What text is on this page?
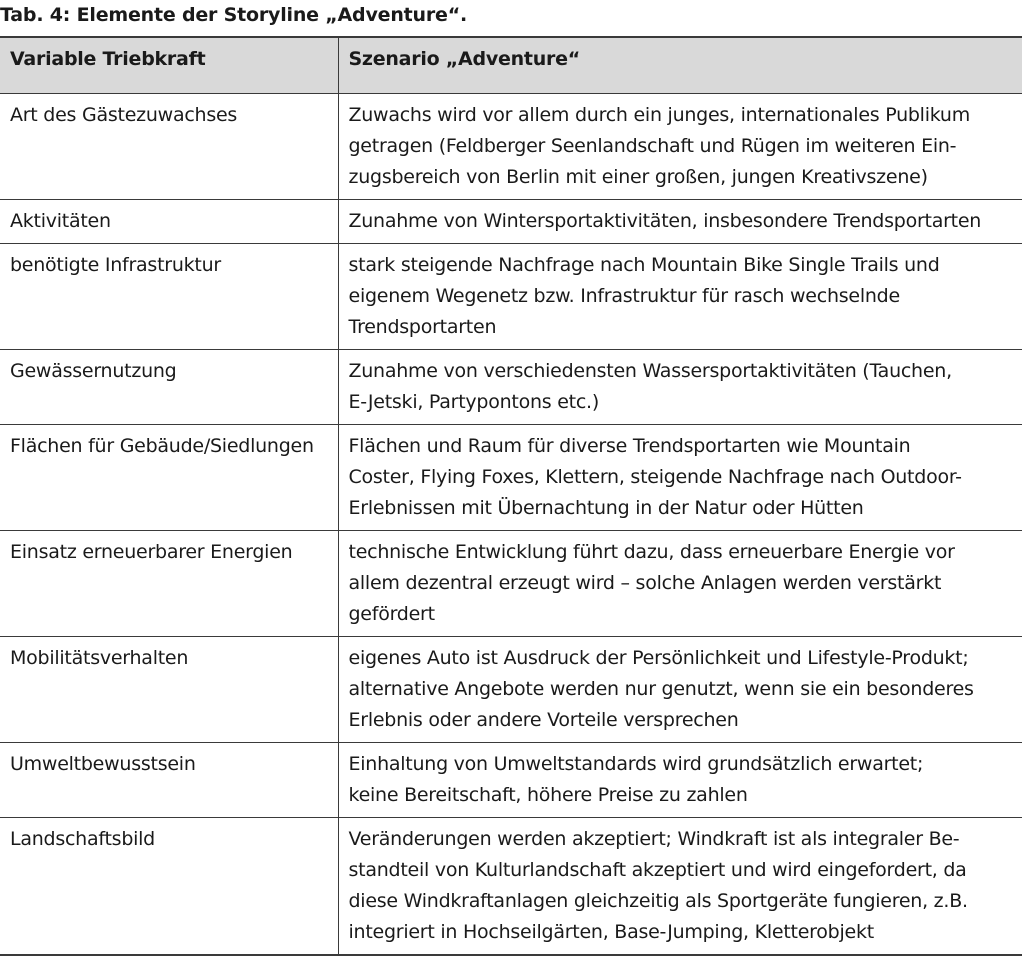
Tab. 4: Elemente der Storyline „Adventure“.
Variable Triebkraft	Szenario „Adventure“
Art des Gästezuwachses	Zuwachs wird vor allem durch ein junges, internationales Publikum
getragen (Feldberger Seenlandschaft und Rügen im weiteren Ein-
zugsbereich von Berlin mit einer großen, jungen Kreativszene)

Aktivitäten	Zunahme von Wintersportaktivitäten, insbesondere Trendsportarten

benötigte Infrastruktur	stark steigende Nachfrage nach Mountain Bike Single Trails und
eigenem Wegenetz bzw. Infrastruktur für rasch wechselnde
Trendsportarten

Gewässernutzung	Zunahme von verschiedensten Wassersportaktivitäten (Tauchen,
E-Jetski, Partypontons etc.)

Flächen für Gebäude/Siedlungen	Flächen und Raum für diverse Trendsportarten wie Mountain
Coster, Flying Foxes, Klettern, steigende Nachfrage nach Outdoor-
Erlebnissen mit Übernachtung in der Natur oder Hütten

Einsatz erneuerbarer Energien	technische Entwicklung führt dazu, dass erneuerbare Energie vor
allem dezentral erzeugt wird – solche Anlagen werden verstärkt
gefördert

Mobilitätsverhalten	eigenes Auto ist Ausdruck der Persönlichkeit und Lifestyle-Produkt;
alternative Angebote werden nur genutzt, wenn sie ein besonderes
Erlebnis oder andere Vorteile versprechen

Umweltbewusstsein	Einhaltung von Umweltstandards wird grundsätzlich erwartet;
keine Bereitschaft, höhere Preise zu zahlen

Landschaftsbild	Veränderungen werden akzeptiert; Windkraft ist als integraler Be-
standteil von Kulturlandschaft akzeptiert und wird eingefordert, da
diese Windkraftanlagen gleichzeitig als Sportgeräte fungieren, z.B.
integriert in Hochseilgärten, Base-Jumping, Kletterobjekt
